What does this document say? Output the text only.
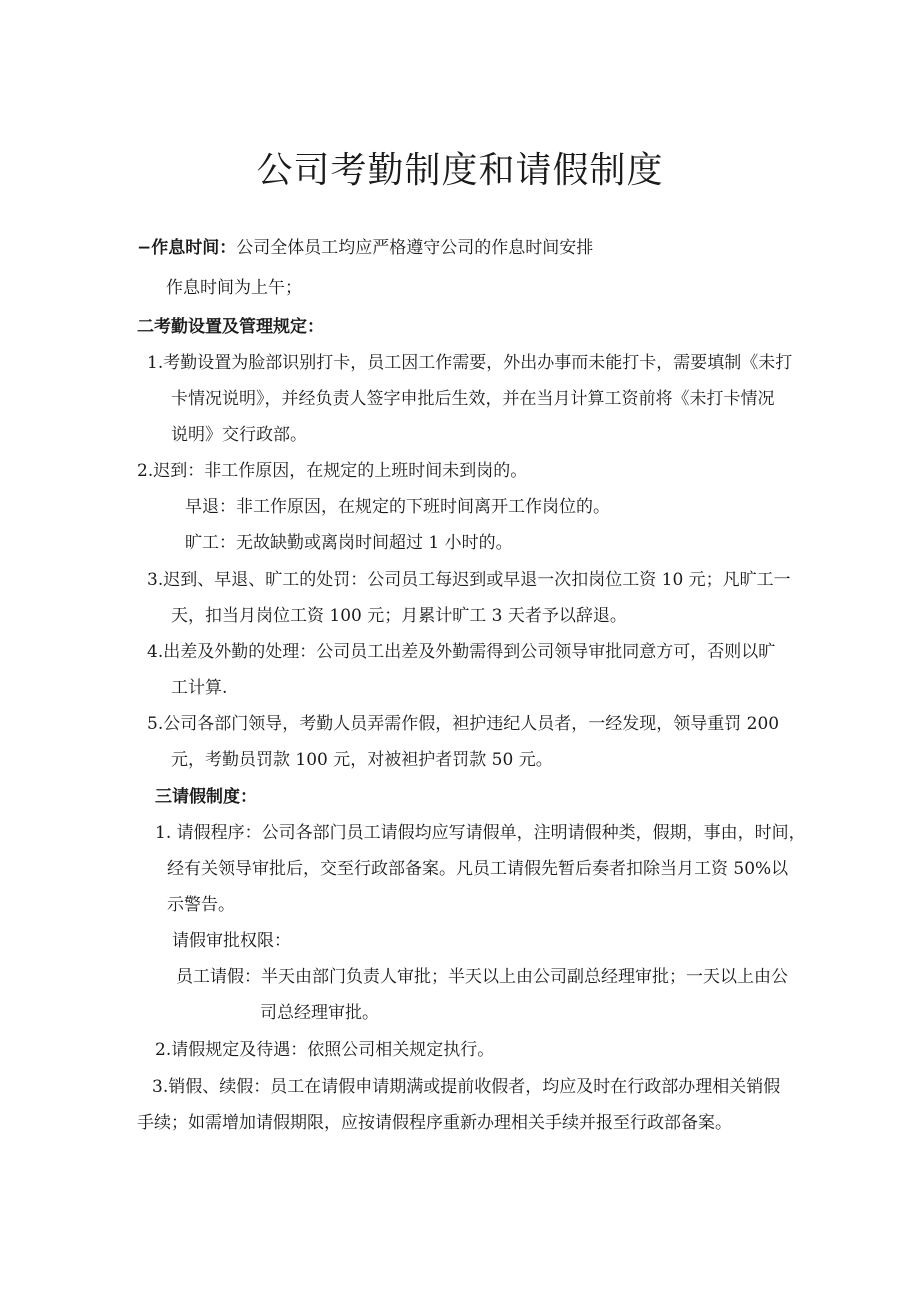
公司考勤制度和请假制度
−作息时间：公司全体员工均应严格遵守公司的作息时间安排
作息时间为上午；
二考勤设置及管理规定：
1.考勤设置为脸部识别打卡，员工因工作需要，外出办事而未能打卡，需要填制《未打
卡情况说明》，并经负责人签字申批后生效，并在当月计算工资前将《未打卡情况
说明》交行政部。
2.迟到：非工作原因，在规定的上班时间未到岗的。
早退：非工作原因，在规定的下班时间离开工作岗位的。
旷工：无故缺勤或离岗时间超过 1 小时的。
3.迟到、早退、旷工的处罚：公司员工每迟到或早退一次扣岗位工资 10 元；凡旷工一
天，扣当月岗位工资 100 元；月累计旷工 3 天者予以辞退。
4.出差及外勤的处理：公司员工出差及外勤需得到公司领导审批同意方可，否则以旷
工计算.
5.公司各部门领导，考勤人员弄需作假，袒护违纪人员者，一经发现，领导重罚 200
元，考勤员罚款 100 元，对被袒护者罚款 50 元。
三请假制度：
1. 请假程序：公司各部门员工请假均应写请假单，注明请假种类，假期，事由，时间，
经有关领导审批后，交至行政部备案。凡员工请假先暂后奏者扣除当月工资 50%以
示警告。
请假审批权限：
员工请假：半天由部门负责人审批；半天以上由公司副总经理审批；一天以上由公
司总经理审批。
2.请假规定及待遇：依照公司相关规定执行。
3.销假、续假：员工在请假申请期满或提前收假者，均应及时在行政部办理相关销假
手续；如需增加请假期限，应按请假程序重新办理相关手续并报至行政部备案。
